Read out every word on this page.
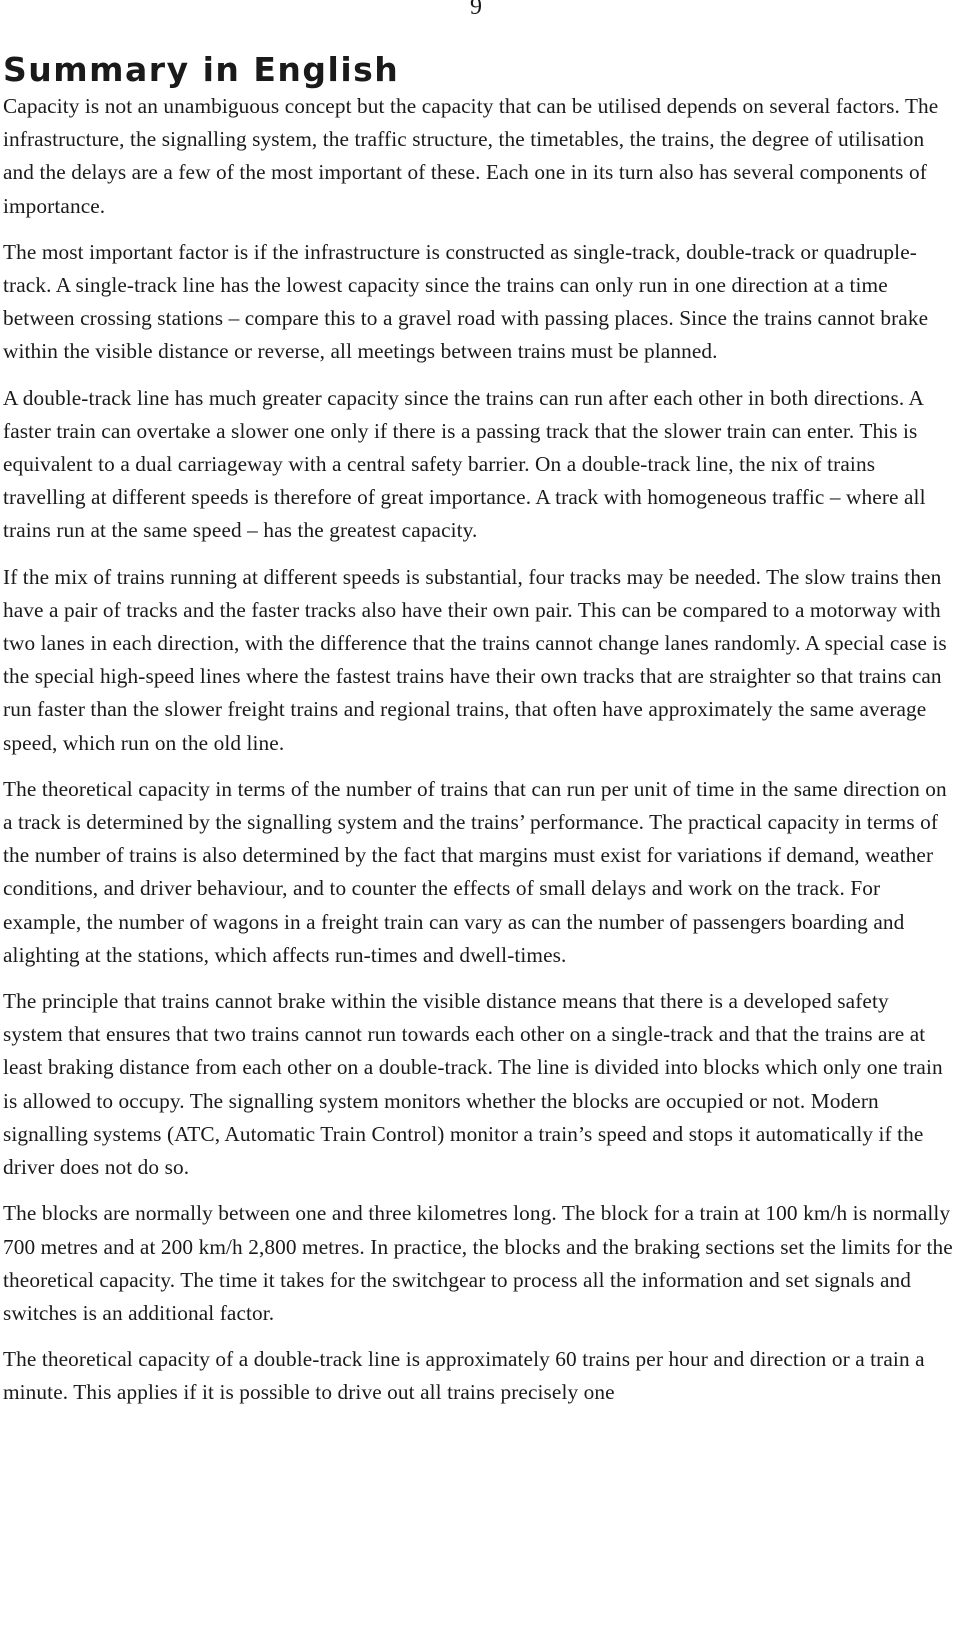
9

Summary in English

Capacity is not an unambiguous concept but the capacity that can be utilised depends on several factors. The infrastructure, the signalling system, the traffic structure, the timetables, the trains, the degree of utilisation and the delays are a few of the most important of these. Each one in its turn also has several components of importance.

The most important factor is if the infrastructure is constructed as single-track, double-track or quadruple-track. A single-track line has the lowest capacity since the trains can only run in one direction at a time between crossing stations – compare this to a gravel road with passing places. Since the trains cannot brake within the visible distance or reverse, all meetings between trains must be planned.

A double-track line has much greater capacity since the trains can run after each other in both directions. A faster train can overtake a slower one only if there is a passing track that the slower train can enter. This is equivalent to a dual carriageway with a central safety barrier. On a double-track line, the nix of trains travelling at different speeds is therefore of great importance. A track with homogeneous traffic – where all trains run at the same speed – has the greatest capacity.

If the mix of trains running at different speeds is substantial, four tracks may be needed. The slow trains then have a pair of tracks and the faster tracks also have their own pair. This can be compared to a motorway with two lanes in each direction, with the difference that the trains cannot change lanes randomly. A special case is the special high-speed lines where the fastest trains have their own tracks that are straighter so that trains can run faster than the slower freight trains and regional trains, that often have approximately the same average speed, which run on the old line.

The theoretical capacity in terms of the number of trains that can run per unit of time in the same direction on a track is determined by the signalling system and the trains’ performance. The practical capacity in terms of the number of trains is also determined by the fact that margins must exist for variations if demand, weather conditions, and driver behaviour, and to counter the effects of small delays and work on the track. For example, the number of wagons in a freight train can vary as can the number of passengers boarding and alighting at the stations, which affects run-times and dwell-times.

The principle that trains cannot brake within the visible distance means that there is a developed safety system that ensures that two trains cannot run towards each other on a single-track and that the trains are at least braking distance from each other on a double-track. The line is divided into blocks which only one train is allowed to occupy. The signalling system monitors whether the blocks are occupied or not. Modern signalling systems (ATC, Automatic Train Control) monitor a train’s speed and stops it automatically if the driver does not do so.

The blocks are normally between one and three kilometres long. The block for a train at 100 km/h is normally 700 metres and at 200 km/h 2,800 metres. In practice, the blocks and the braking sections set the limits for the theoretical capacity. The time it takes for the switchgear to process all the information and set signals and switches is an additional factor.

The theoretical capacity of a double-track line is approximately 60 trains per hour and direction or a train a minute. This applies if it is possible to drive out all trains precisely one
